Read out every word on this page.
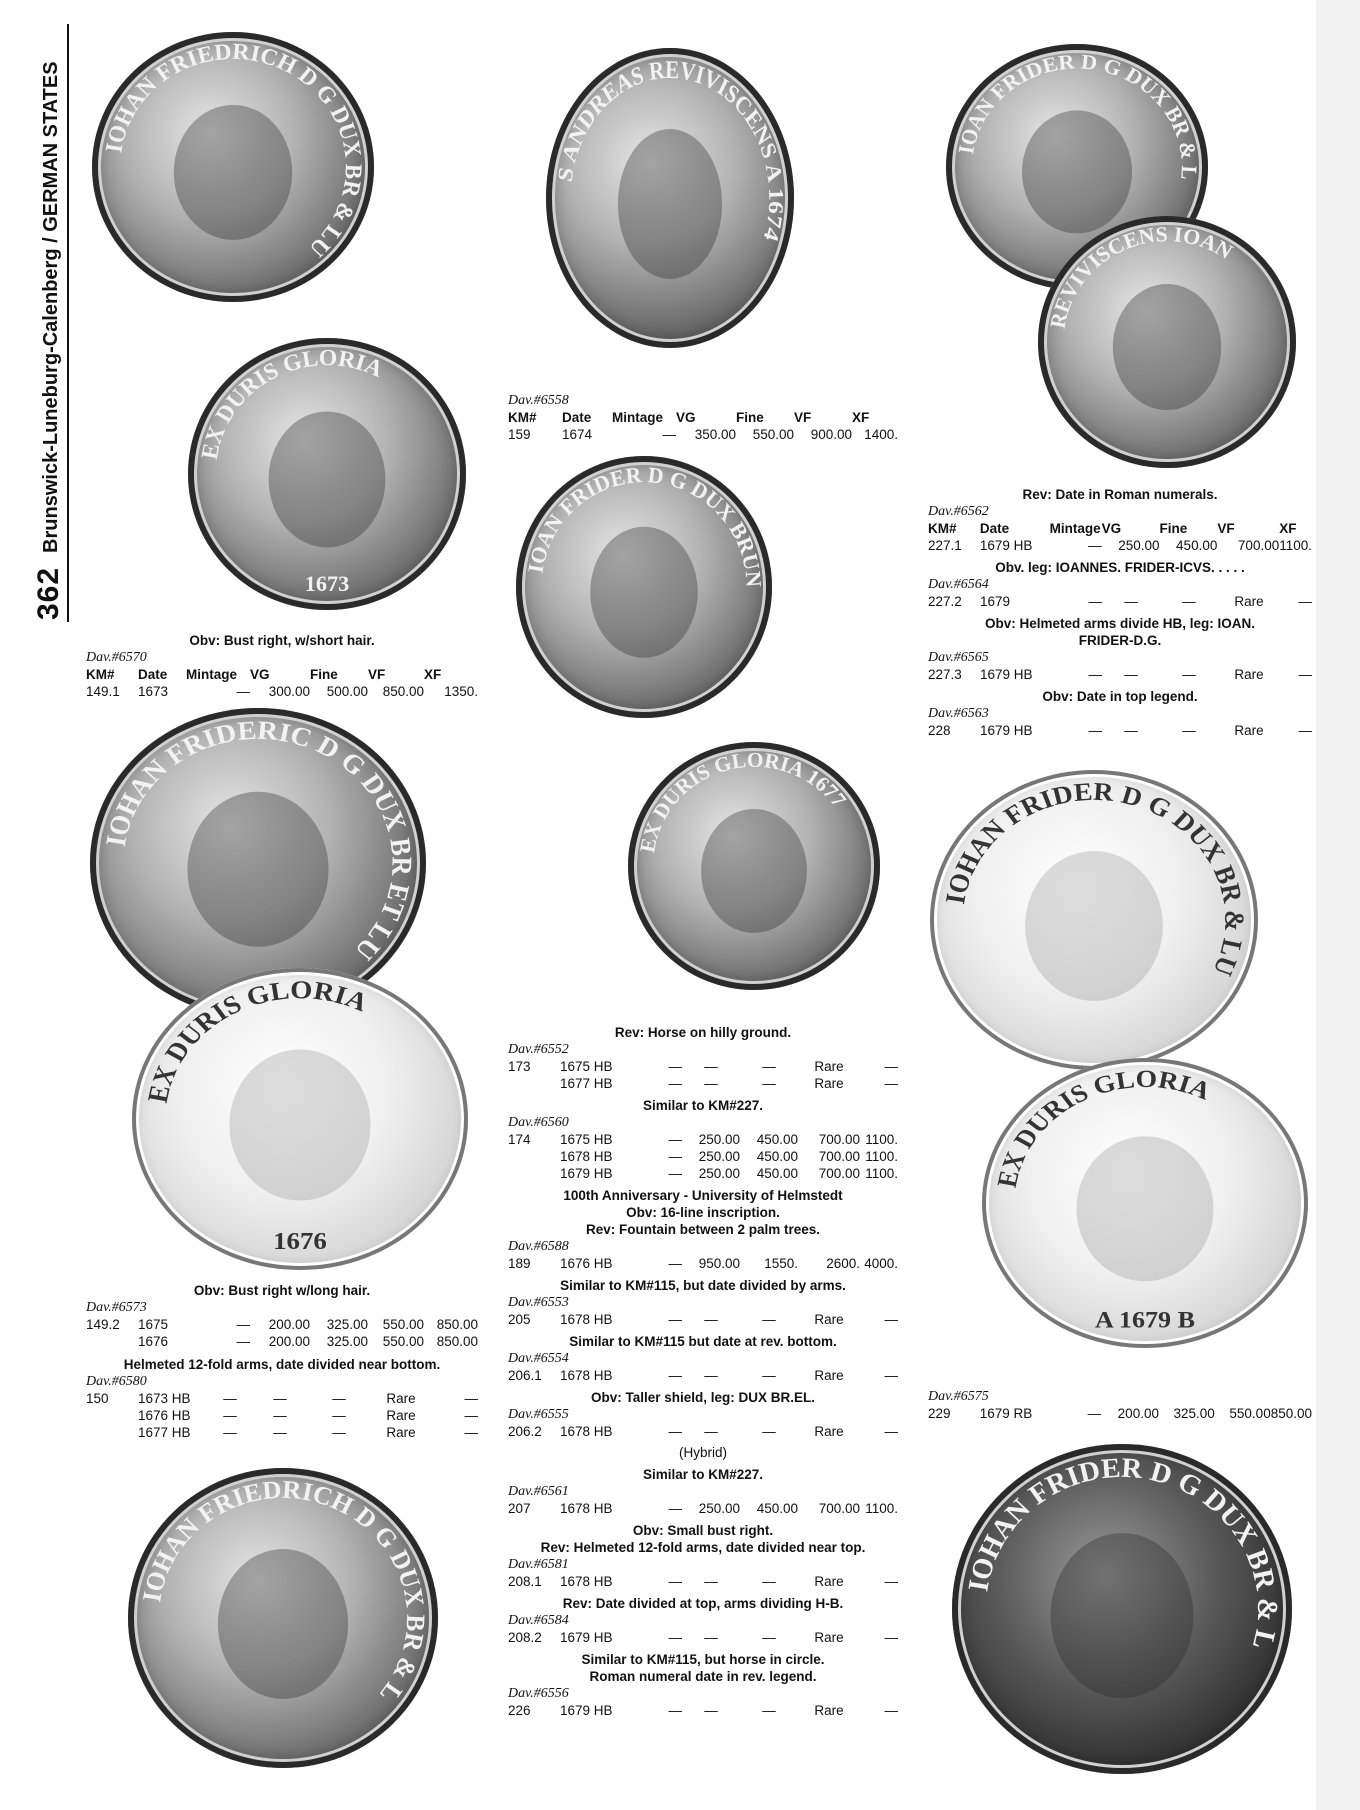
362
Brunswick-Luneburg-Calenberg / GERMAN STATES IOHAN FRIEDRICH D G DUX BR & LU
EX DURIS GLORIA
1673
S ANDREAS REVIVISCENS A 1674
IOAN FRIDER D G DUX BR & L
REVIVISCENS IOAN
IOAN FRIDER D G DUX BRUN
IOHAN FRIDERIC D G DUX BR ET LU
EX DURIS GLORIA
1676
EX DURIS GLORIA 1677
IOHAN FRIDER D G DUX BR & LU
EX DURIS GLORIA
A 1679 B
IOHAN FRIEDRICH D G DUX BR & L
IOHAN FRIDER D G DUX BR & L
Obv: Bust right, w/short hair.
Dav.#6570
KM#	Date	Mintage	VG	Fine	VF	XF
149.1	1673	—	300.00	500.00	850.00	1350.
Obv: Bust right w/long hair.
Dav.#6573
149.2	1675	—	200.00	325.00	550.00	850.00
	1676	—	200.00	325.00	550.00	850.00
Helmeted 12-fold arms, date divided near bottom.
Dav.#6580
150	1673 HB	—	—	—	Rare	—
	1676 HB	—	—	—	Rare	—
	1677 HB	—	—	—	Rare	—
Dav.#6558
KM#	Date	Mintage	VG	Fine	VF	XF
159	1674	—	350.00	550.00	900.00	1400.
Rev: Horse on hilly ground.
Dav.#6552
173	1675 HB	—	—	—	Rare	—
	1677 HB	—	—	—	Rare	—
Similar to KM#227.
Dav.#6560
174	1675 HB	—	250.00	450.00	700.00	1100.
	1678 HB	—	250.00	450.00	700.00	1100.
	1679 HB	—	250.00	450.00	700.00	1100.
100th Anniversary - University of Helmstedt
Obv: 16-line inscription.
Rev: Fountain between 2 palm trees.
Dav.#6588
189	1676 HB	—	950.00	1550.	2600.	4000.
Similar to KM#115, but date divided by arms.
Dav.#6553
205	1678 HB	—	—	—	Rare	—
Similar to KM#115 but date at rev. bottom.
Dav.#6554
206.1	1678 HB	—	—	—	Rare	—
Obv: Taller shield, leg: DUX BR.EL.
Dav.#6555
206.2	1678 HB	—	—	—	Rare	—
(Hybrid)
Similar to KM#227.
Dav.#6561
207	1678 HB	—	250.00	450.00	700.00	1100.
Obv: Small bust right.
Rev: Helmeted 12-fold arms, date divided near top.
Dav.#6581
208.1	1678 HB	—	—	—	Rare	—
Rev: Date divided at top, arms dividing H-B.
Dav.#6584
208.2	1679 HB	—	—	—	Rare	—
Similar to KM#115, but horse in circle.
Roman numeral date in rev. legend.
Dav.#6556
226	1679 HB	—	—	—	Rare	—
Rev: Date in Roman numerals.
Dav.#6562
KM#	Date	Mintage	VG	Fine	VF	XF
227.1	1679 HB	—	250.00	450.00	700.00	1100.
Obv. leg: IOANNES. FRIDER-ICVS. . . . .
Dav.#6564
227.2	1679	—	—	—	Rare	—
Obv: Helmeted arms divide HB, leg: IOAN.
FRIDER-D.G.
Dav.#6565
227.3	1679 HB	—	—	—	Rare	—
Obv: Date in top legend.
Dav.#6563
228	1679 HB	—	—	—	Rare	—
Dav.#6575
229	1679 RB	—	200.00	325.00	550.00	850.00
